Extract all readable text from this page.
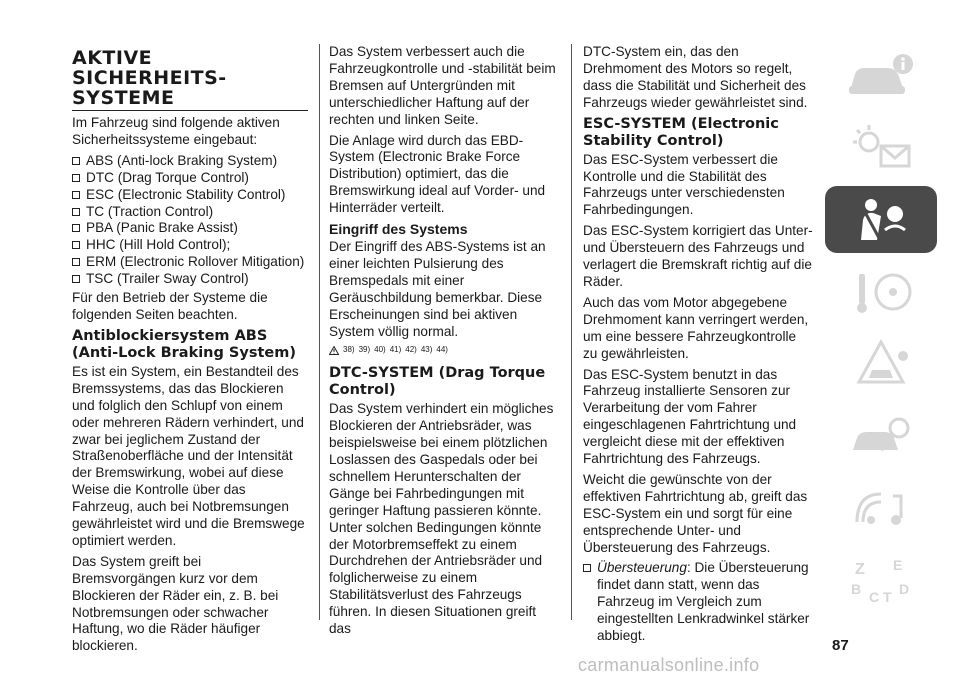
AKTIVE SICHERHEITS-SYSTEME

Im Fahrzeug sind folgende aktiven Sicherheitssysteme eingebaut:

ABS (Anti-lock Braking System)
DTC (Drag Torque Control)
ESC (Electronic Stability Control)
TC (Traction Control)
PBA (Panic Brake Assist)
HHC (Hill Hold Control);
ERM (Electronic Rollover Mitigation)
TSC (Trailer Sway Control)

Für den Betrieb der Systeme die folgenden Seiten beachten.

Antiblockiersystem ABS (Anti-Lock Braking System)

Es ist ein System, ein Bestandteil des Bremssystems, das das Blockieren und folglich den Schlupf von einem oder mehreren Rädern verhindert, und zwar bei jeglichem Zustand der Straßenoberfläche und der Intensität der Bremswirkung, wobei auf diese Weise die Kontrolle über das Fahrzeug, auch bei Notbremsungen gewährleistet wird und die Bremswege optimiert werden.

Das System greift bei Bremsvorgängen kurz vor dem Blockieren der Räder ein, z. B. bei Notbremsungen oder schwacher Haftung, wo die Räder häufiger blockieren.

Das System verbessert auch die Fahrzeugkontrolle und -stabilität beim Bremsen auf Untergründen mit unterschiedlicher Haftung auf der rechten und linken Seite.

Die Anlage wird durch das EBD-System (Electronic Brake Force Distribution) optimiert, das die Bremswirkung ideal auf Vorder- und Hinterräder verteilt.

Eingriff des Systems

Der Eingriff des ABS-Systems ist an einer leichten Pulsierung des Bremspedals mit einer Geräuschbildung bemerkbar. Diese Erscheinungen sind bei aktiven System völlig normal.

38) 39) 40) 41) 42) 43) 44)
DTC-SYSTEM (Drag Torque Control)

Das System verhindert ein mögliches Blockieren der Antriebsräder, was beispielsweise bei einem plötzlichen Loslassen des Gaspedals oder bei schnellem Herunterschalten der Gänge bei Fahrbedingungen mit geringer Haftung passieren könnte. Unter solchen Bedingungen könnte der Motorbremseffekt zu einem Durchdrehen der Antriebsräder und folglicherweise zu einem Stabilitätsverlust des Fahrzeugs führen. In diesen Situationen greift das

DTC-System ein, das den Drehmoment des Motors so regelt, dass die Stabilität und Sicherheit des Fahrzeugs wieder gewährleistet sind.

ESC-SYSTEM (Electronic Stability Control)

Das ESC-System verbessert die Kontrolle und die Stabilität des Fahrzeugs unter verschiedensten Fahrbedingungen.

Das ESC-System korrigiert das Unter- und Übersteuern des Fahrzeugs und verlagert die Bremskraft richtig auf die Räder.

Auch das vom Motor abgegebene Drehmoment kann verringert werden, um eine bessere Fahrzeugkontrolle zu gewährleisten.

Das ESC-System benutzt in das Fahrzeug installierte Sensoren zur Verarbeitung der vom Fahrer eingeschlagenen Fahrtrichtung und vergleicht diese mit der effektiven Fahrtrichtung des Fahrzeugs.

Weicht die gewünschte von der effektiven Fahrtrichtung ab, greift das ESC-System ein und sorgt für eine entsprechende Unter- und Übersteuerung des Fahrzeugs.

Übersteuerung: Die Übersteuerung findet dann statt, wenn das Fahrzeug im Vergleich zum eingestellten Lenkradwinkel stärker abbiegt.
Z E
B	D
C T
87
carmanualsonline.info
